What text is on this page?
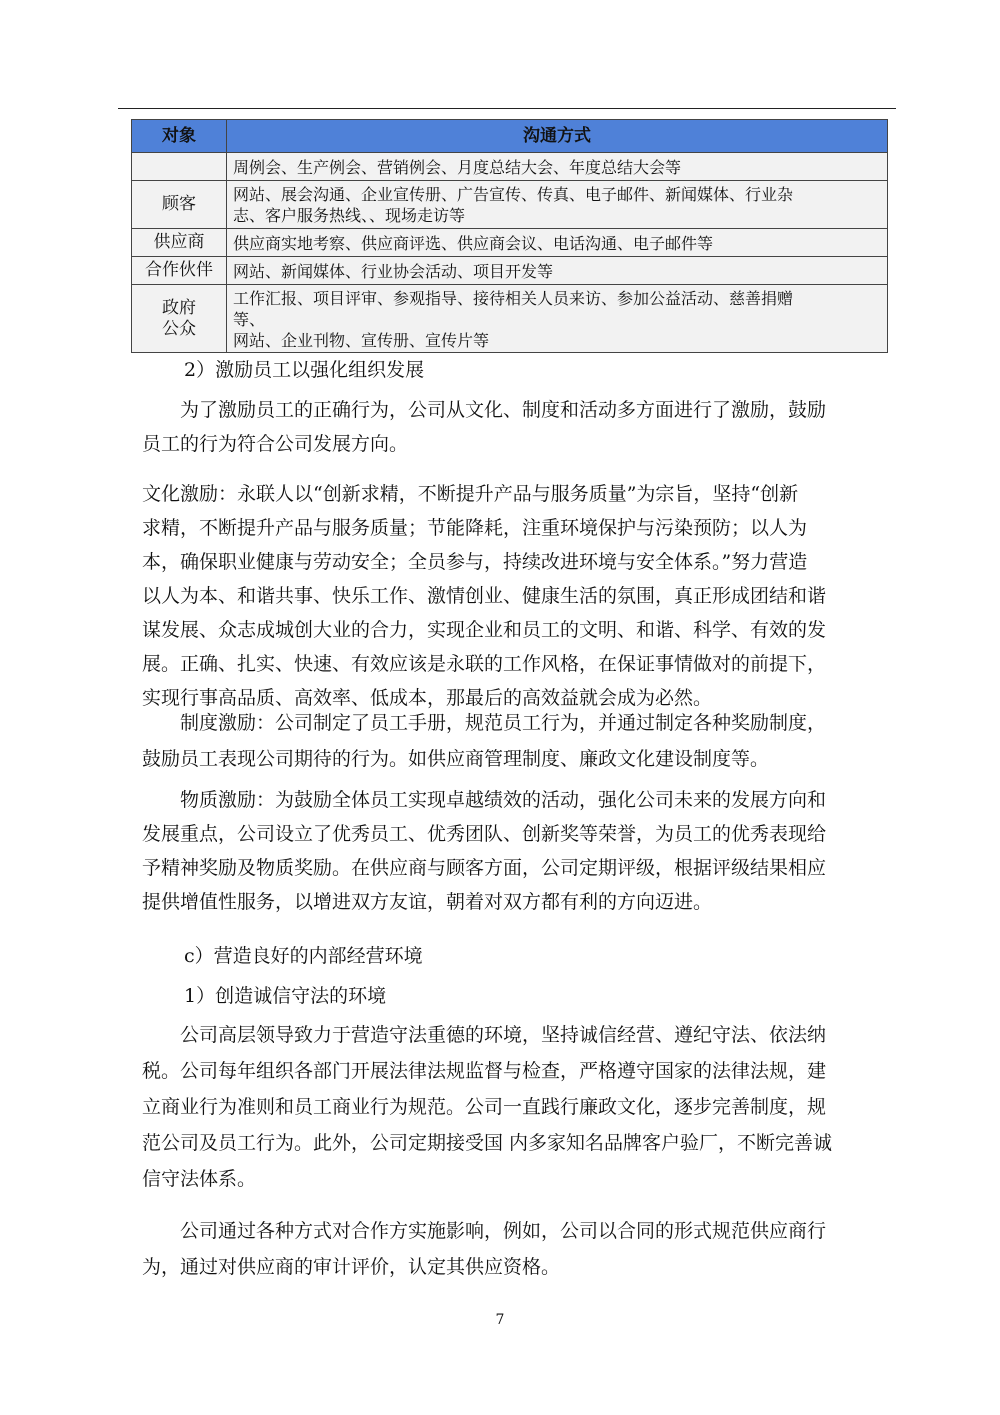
对象	沟通方式

	周例会、生产例会、营销例会、月度总结大会、年度总结大会等

顾客	网站、展会沟通、企业宣传册、广告宣传、传真、电子邮件、新闻媒体、行业杂
志、客户服务热线、、现场走访等

供应商	供应商实地考察、供应商评选、供应商会议、电话沟通、电子邮件等

合作伙伴	网站、新闻媒体、行业协会活动、项目开发等

政府
公众	工作汇报、项目评审、参观指导、接待相关人员来访、参加公益活动、慈善捐赠
等、
网站、企业刊物、宣传册、宣传片等

2）激励员工以强化组织发展

为了激励员工的正确行为，公司从文化、制度和活动多方面进行了激励，鼓励
员工的行为符合公司发展方向。
文化激励：永联人以“创新求精，不断提升产品与服务质量”为宗旨，坚持“创新
求精，不断提升产品与服务质量；节能降耗，注重环境保护与污染预防；以人为
本，确保职业健康与劳动安全；全员参与，持续改进环境与安全体系。”努力营造
以人为本、和谐共事、快乐工作、激情创业、健康生活的氛围，真正形成团结和谐
谋发展、众志成城创大业的合力，实现企业和员工的文明、和谐、科学、有效的发
展。正确、扎实、快速、有效应该是永联的工作风格，在保证事情做对的前提下，
实现行事高品质、高效率、低成本，那最后的高效益就会成为必然。
制度激励：公司制定了员工手册，规范员工行为，并通过制定各种奖励制度，
鼓励员工表现公司期待的行为。如供应商管理制度、廉政文化建设制度等。
物质激励：为鼓励全体员工实现卓越绩效的活动，强化公司未来的发展方向和
发展重点，公司设立了优秀员工、优秀团队、创新奖等荣誉，为员工的优秀表现给
予精神奖励及物质奖励。在供应商与顾客方面，公司定期评级，根据评级结果相应
提供增值性服务，以增进双方友谊，朝着对双方都有利的方向迈进。

c）营造良好的内部经营环境

1）创造诚信守法的环境

公司高层领导致力于营造守法重德的环境，坚持诚信经营、遵纪守法、依法纳
税。公司每年组织各部门开展法律法规监督与检查，严格遵守国家的法律法规，建
立商业行为准则和员工商业行为规范。公司一直践行廉政文化，逐步完善制度，规
范公司及员工行为。此外，公司定期接受国 内多家知名品牌客户验厂，不断完善诚
信守法体系。
公司通过各种方式对合作方实施影响，例如，公司以合同的形式规范供应商行
为，通过对供应商的审计评价，认定其供应资格。
7
